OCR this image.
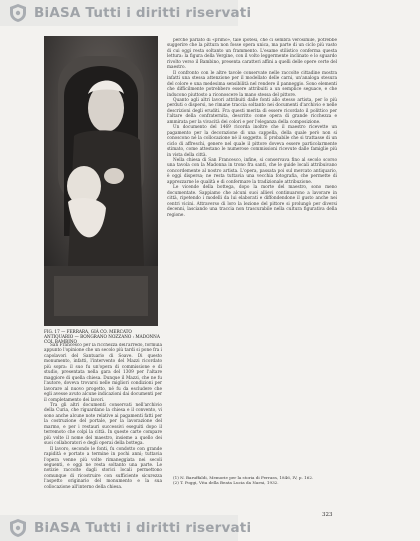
BiASA Tutti i diritti riservati
FIG. 17 — FERRARA, GIÀ CO. MERCATO ANTIQUARIO — BONGRANO NOZZANO : MADONNA COL BAMBINO

San Francesco per la ricchezza dell'arredo, formula appunto l'opinione che un secolo più tardi si pone fra i capolavori del Santuario di Soave. Di questo monumento, infatti, l'intervento del Mazzi ricordato più sopra: il suo fu un'opera di commissione e di studio, presentata nella gara del 1309 per l'altare maggiore di quella chiesa. Dunque il Mazzi, che ne fu l'autore, doveva trovarsi nelle migliori condizioni per lavorare al nuovo progetto, né fu da escludere che egli avesse avuto alcune indicazioni dai documenti per il completamento dei lavori.

Tra gli altri documenti conservati nell'archivio della Curia, che riguardano la chiesa e il convento, vi sono anche alcune note relative ai pagamenti fatti per la costruzione del portale, per la lavorazione del marmo, e per i restauri successivi eseguiti dopo il terremoto che colpì la città. In queste carte compare più volte il nome del maestro, insieme a quello dei suoi collaboratori e degli operai della bottega.

Il lavoro, secondo le fonti, fu condotto con grande rapidità e portato a termine in pochi anni; tuttavia l'opera venne più volte rimaneggiata nei secoli seguenti, e oggi ne resta soltanto una parte. Le notizie raccolte dagli storici locali permettono comunque di ricostruire con sufficiente sicurezza l'aspetto originario del monumento e la sua collocazione all'interno della chiesa.

perché parlato di «primo», tale ipotesi, che ci sembra verosimile, potrebbe suggerire che la pittura non fosse opera unica, ma parte di un ciclo più vasto di cui oggi resta soltanto un frammento. L'esame stilistico conferma questa lettura: la figura della Vergine, con il volto leggermente inclinato e lo sguardo rivolto verso il Bambino, presenta caratteri affini a quelli delle opere certe del maestro.

Il confronto con le altre tavole conservate nelle raccolte cittadine mostra infatti una stessa attenzione per il modellato delle carni, un'analoga stesura del colore e una medesima sensibilità nel rendere il panneggio. Sono elementi che difficilmente potrebbero essere attribuiti a un semplice seguace, e che inducono piuttosto a riconoscere la mano stessa del pittore.

Quanto agli altri lavori attribuiti dalle fonti allo stesso artista, per lo più perduti o dispersi, ne rimane traccia soltanto nei documenti d'archivio e nelle descrizioni degli eruditi. Fra questi merita di essere ricordato il polittico per l'altare della confraternita, descritto come opera di grande ricchezza e ammirata per la vivacità dei colori e per l'eleganza della composizione.

Un documento del 1469 ricorda inoltre che il maestro ricevette un pagamento per la decorazione di una cappella, della quale però non si conoscono né la collocazione né il soggetto. È probabile che si trattasse di un ciclo di affreschi, genere nel quale il pittore doveva essere particolarmente stimato, come attestano le numerose commissioni ricevute dalle famiglie più in vista della città.

Nella chiesa di San Francesco, infine, si conservava fino al secolo scorso una tavola con la Madonna in trono fra santi, che le guide locali attribuivano concordemente al nostro artista. L'opera, passata poi sul mercato antiquario, è oggi dispersa; ne resta tuttavia una vecchia fotografia, che permette di apprezzarne le qualità e di confermare la tradizionale attribuzione.

Le vicende della bottega, dopo la morte del maestro, sono meno documentate. Sappiamo che alcuni suoi allievi continuarono a lavorare in città, ripetendo i modelli da lui elaborati e diffondendone il gusto anche nei centri vicini. Attraverso di loro la lezione del pittore si prolungò per diversi decenni, lasciando una traccia non trascurabile nella cultura figurativa della regione.

(1) N. Baruffaldi, Memorie per la storia di Ferrara, 1846, IV, p. 162.

(2) T. Poggi, Vita della Beata Lucia da Narni, 1932.

323
BiASA Tutti i diritti riservati
